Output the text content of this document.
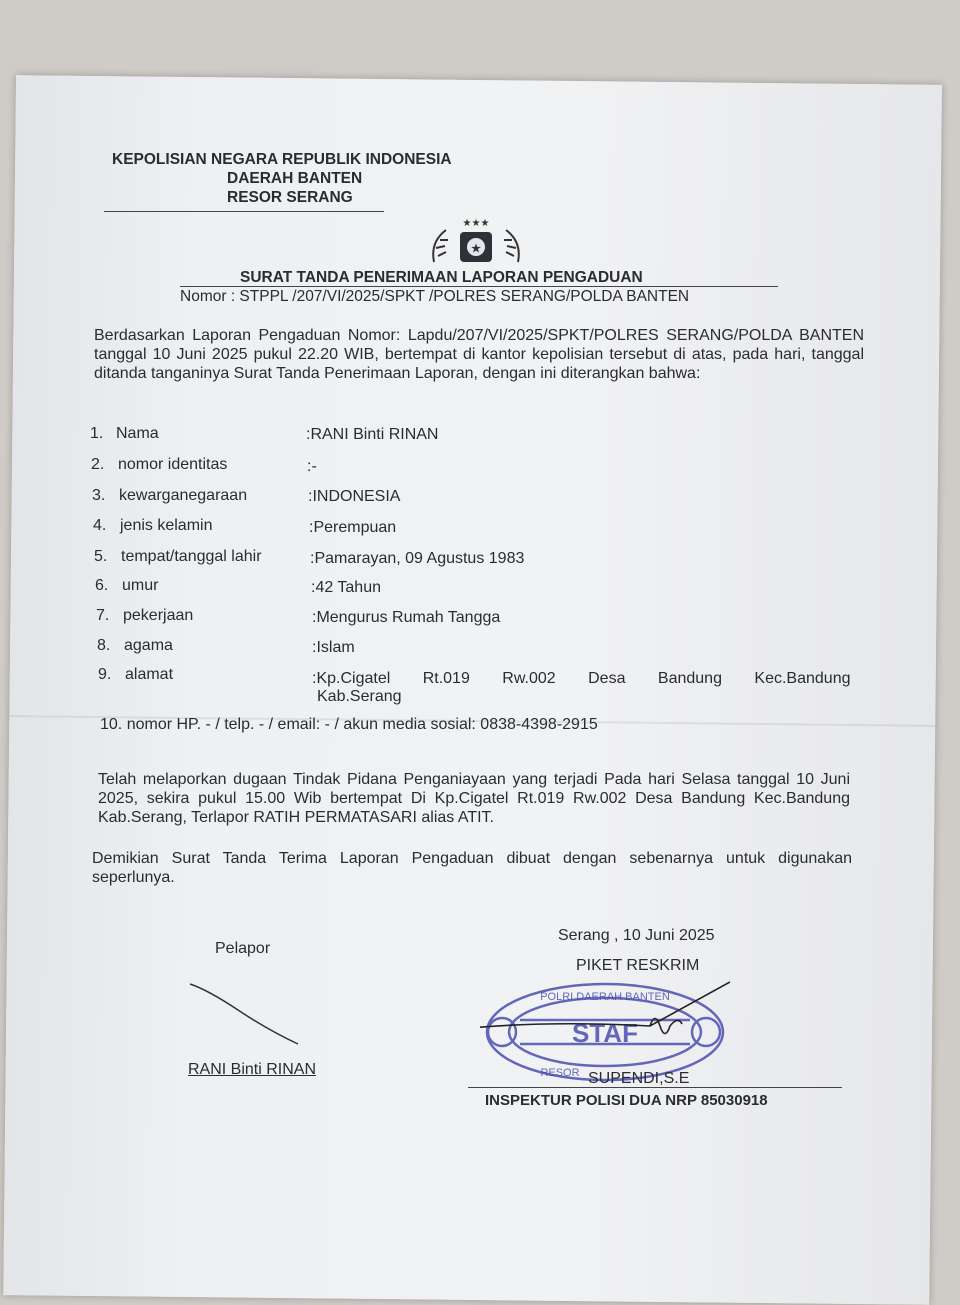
KEPOLISIAN NEGARA REPUBLIK INDONESIA
DAERAH BANTEN
RESOR SERANG
★
★★★
SURAT TANDA PENERIMAAN LAPORAN PENGADUAN
Nomor : STPPL /207/VI/2025/SPKT /POLRES SERANG/POLDA BANTEN
Berdasarkan Laporan Pengaduan Nomor: Lapdu/207/VI/2025/SPKT/POLRES SERANG/POLDA BANTEN tanggal 10 Juni 2025 pukul 22.20 WIB, bertempat di kantor kepolisian tersebut di atas, pada hari, tanggal ditanda tanganinya Surat Tanda Penerimaan Laporan, dengan ini diterangkan bahwa:
1. Nama	:RANI Binti RINAN
2. nomor identitas	:-
3. kewarganegaraan	:INDONESIA
4. jenis kelamin	:Perempuan
5. tempat/tanggal lahir	:Pamarayan, 09 Agustus 1983
6. umur	:42 Tahun
7. pekerjaan	:Mengurus Rumah Tangga
8. agama	:Islam
9. alamat	:Kp.Cigatel Rt.019 Rw.002 Desa Bandung Kec.Bandung
Kab.Serang
10. nomor HP. - / telp. - / email: - / akun media sosial: 0838-4398-2915
Telah melaporkan dugaan Tindak Pidana Penganiayaan yang terjadi Pada hari Selasa tanggal 10 Juni 2025, sekira pukul 15.00 Wib bertempat Di Kp.Cigatel Rt.019 Rw.002 Desa Bandung Kec.Bandung Kab.Serang, Terlapor RATIH PERMATASARI alias ATIT.
Demikian Surat Tanda Terima Laporan Pengaduan dibuat dengan sebenarnya untuk digunakan seperlunya.
Pelapor
RANI Binti RINAN
Serang , 10 Juni 2025
PIKET RESKRIM
STAF
POLRI DAERAH BANTEN
RESOR SUPENDI,S.E
INSPEKTUR POLISI DUA NRP 85030918
